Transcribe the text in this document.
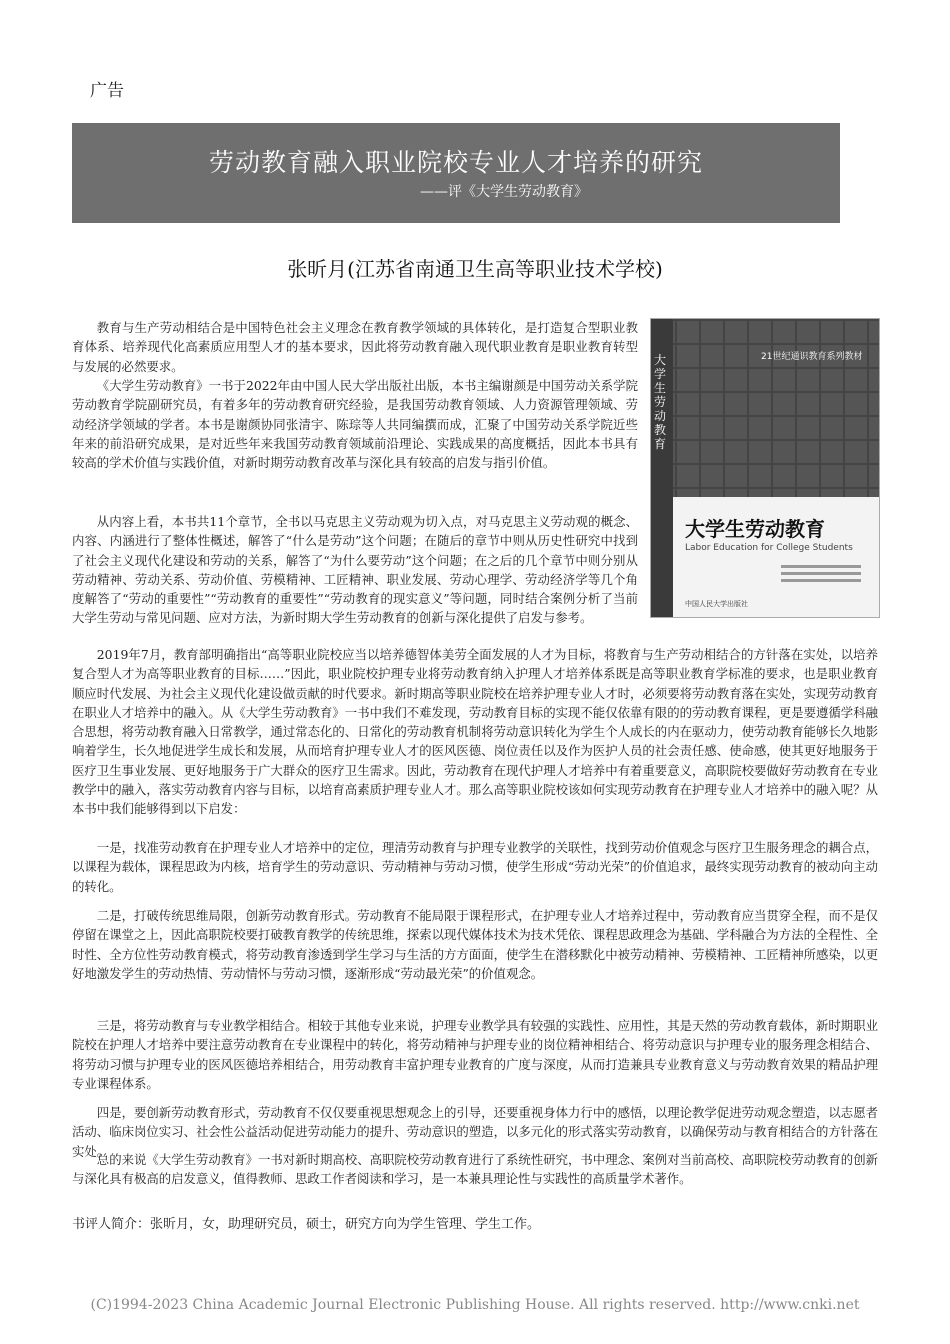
广告
劳动教育融入职业院校专业人才培养的研究
——评《大学生劳动教育》
张昕月(江苏省南通卫生高等职业技术学校)
大学生劳动教育
21世纪通识教育系列教材
大学生劳动教育
Labor Education for College Students
中国人民大学出版社

教育与生产劳动相结合是中国特色社会主义理念在教育教学领域的具体转化，是打造复合型职业教育体系、培养现代化高素质应用型人才的基本要求，因此将劳动教育融入现代职业教育是职业教育转型与发展的必然要求。

《大学生劳动教育》一书于2022年由中国人民大学出版社出版，本书主编谢颜是中国劳动关系学院劳动教育学院副研究员，有着多年的劳动教育研究经验，是我国劳动教育领域、人力资源管理领域、劳动经济学领域的学者。本书是谢颜协同张清宇、陈琮等人共同编撰而成，汇聚了中国劳动关系学院近些年来的前沿研究成果，是对近些年来我国劳动教育领域前沿理论、实践成果的高度概括，因此本书具有较高的学术价值与实践价值，对新时期劳动教育改革与深化具有较高的启发与指引价值。

从内容上看，本书共11个章节，全书以马克思主义劳动观为切入点，对马克思主义劳动观的概念、内容、内涵进行了整体性概述，解答了“什么是劳动”这个问题；在随后的章节中则从历史性研究中找到了社会主义现代化建设和劳动的关系，解答了“为什么要劳动”这个问题；在之后的几个章节中则分别从劳动精神、劳动关系、劳动价值、劳模精神、工匠精神、职业发展、劳动心理学、劳动经济学等几个角度解答了“劳动的重要性”“劳动教育的重要性”“劳动教育的现实意义”等问题，同时结合案例分析了当前大学生劳动与常见问题、应对方法，为新时期大学生劳动教育的创新与深化提供了启发与参考。

2019年7月，教育部明确指出“高等职业院校应当以培养德智体美劳全面发展的人才为目标，将教育与生产劳动相结合的方针落在实处，以培养复合型人才为高等职业教育的目标……”因此，职业院校护理专业将劳动教育纳入护理人才培养体系既是高等职业教育学标准的要求，也是职业教育顺应时代发展、为社会主义现代化建设做贡献的时代要求。新时期高等职业院校在培养护理专业人才时，必须要将劳动教育落在实处，实现劳动教育在职业人才培养中的融入。从《大学生劳动教育》一书中我们不难发现，劳动教育目标的实现不能仅依靠有限的的劳动教育课程，更是要遵循学科融合思想，将劳动教育融入日常教学，通过常态化的、日常化的劳动教育机制将劳动意识转化为学生个人成长的内在驱动力，使劳动教育能够长久地影响着学生，长久地促进学生成长和发展，从而培育护理专业人才的医风医德、岗位责任以及作为医护人员的社会责任感、使命感，使其更好地服务于医疗卫生事业发展、更好地服务于广大群众的医疗卫生需求。因此，劳动教育在现代护理人才培养中有着重要意义，高职院校要做好劳动教育在专业教学中的融入，落实劳动教育内容与目标，以培育高素质护理专业人才。那么高等职业院校该如何实现劳动教育在护理专业人才培养中的融入呢？从本书中我们能够得到以下启发：

一是，找准劳动教育在护理专业人才培养中的定位，理清劳动教育与护理专业教学的关联性，找到劳动价值观念与医疗卫生服务理念的耦合点，以课程为载体，课程思政为内核，培育学生的劳动意识、劳动精神与劳动习惯，使学生形成“劳动光荣”的价值追求，最终实现劳动教育的被动向主动的转化。

二是，打破传统思维局限，创新劳动教育形式。劳动教育不能局限于课程形式，在护理专业人才培养过程中，劳动教育应当贯穿全程，而不是仅停留在课堂之上，因此高职院校要打破教育教学的传统思维，探索以现代媒体技术为技术凭依、课程思政理念为基础、学科融合为方法的全程性、全时性、全方位性劳动教育模式，将劳动教育渗透到学生学习与生活的方方面面，使学生在潜移默化中被劳动精神、劳模精神、工匠精神所感染，以更好地激发学生的劳动热情、劳动情怀与劳动习惯，逐渐形成“劳动最光荣”的价值观念。

三是，将劳动教育与专业教学相结合。相较于其他专业来说，护理专业教学具有较强的实践性、应用性，其是天然的劳动教育载体，新时期职业院校在护理人才培养中要注意劳动教育在专业课程中的转化，将劳动精神与护理专业的岗位精神相结合、将劳动意识与护理专业的服务理念相结合、将劳动习惯与护理专业的医风医德培养相结合，用劳动教育丰富护理专业教育的广度与深度，从而打造兼具专业教育意义与劳动教育效果的精品护理专业课程体系。

四是，要创新劳动教育形式，劳动教育不仅仅要重视思想观念上的引导，还要重视身体力行中的感悟，以理论教学促进劳动观念塑造，以志愿者活动、临床岗位实习、社会性公益活动促进劳动能力的提升、劳动意识的塑造，以多元化的形式落实劳动教育，以确保劳动与教育相结合的方针落在实处。

总的来说《大学生劳动教育》一书对新时期高校、高职院校劳动教育进行了系统性研究，书中理念、案例对当前高校、高职院校劳动教育的创新与深化具有极高的启发意义，值得教师、思政工作者阅读和学习，是一本兼具理论性与实践性的高质量学术著作。

书评人简介：张昕月，女，助理研究员，硕士，研究方向为学生管理、学生工作。
(C)1994-2023 China Academic Journal Electronic Publishing House. All rights reserved. http://www.cnki.net
